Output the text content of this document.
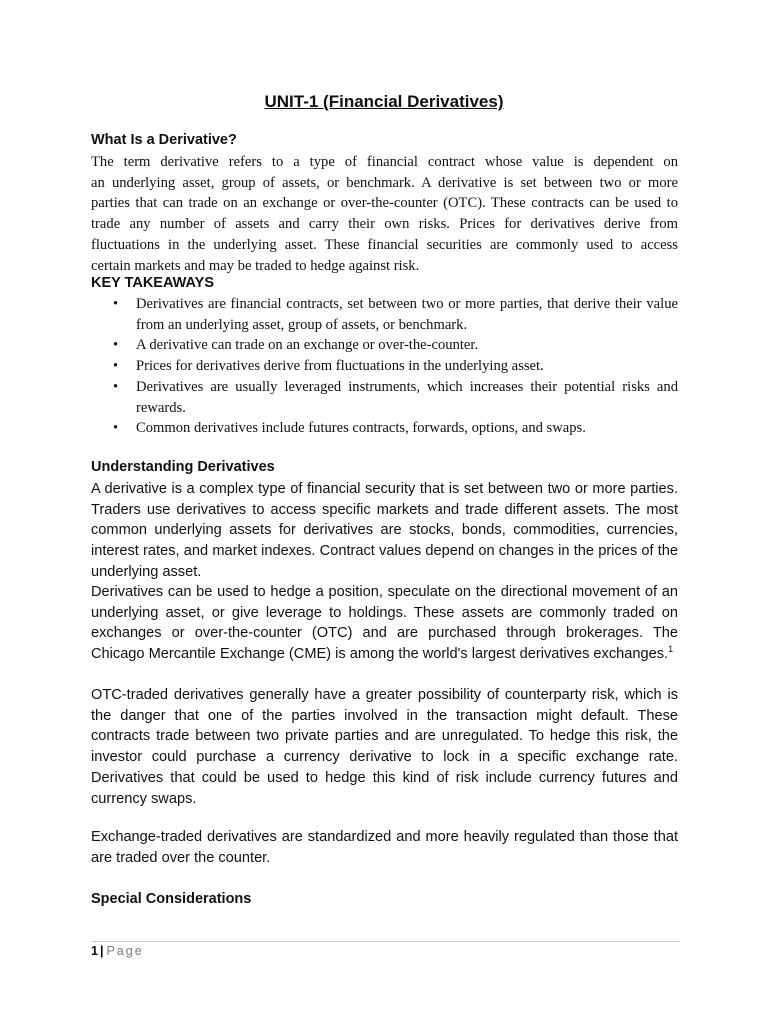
UNIT-1 (Financial Derivatives)
What Is a Derivative?
The term derivative refers to a type of financial contract whose value is dependent on
an underlying asset, group of assets, or benchmark. A derivative is set between two or more
parties that can trade on an exchange or over-the-counter (OTC). These contracts can be used to
trade any number of assets and carry their own risks. Prices for derivatives derive from
fluctuations in the underlying asset. These financial securities are commonly used to access
certain markets and may be traded to hedge against risk.
KEY TAKEAWAYS
• Derivatives are financial contracts, set between two or more parties, that derive their value from an underlying asset, group of assets, or benchmark.
• A derivative can trade on an exchange or over-the-counter.
• Prices for derivatives derive from fluctuations in the underlying asset.
• Derivatives are usually leveraged instruments, which increases their potential risks and rewards.
• Common derivatives include futures contracts, forwards, options, and swaps.
Understanding Derivatives

A derivative is a complex type of financial security that is set between two or more parties. Traders use derivatives to access specific markets and trade different assets. The most common underlying assets for derivatives are stocks, bonds, commodities, currencies, interest rates, and market indexes. Contract values depend on changes in the prices of the underlying asset.

Derivatives can be used to hedge a position, speculate on the directional movement of an underlying asset, or give leverage to holdings. These assets are commonly traded on exchanges or over-the-counter (OTC) and are purchased through brokerages. The Chicago Mercantile Exchange (CME) is among the world's largest derivatives exchanges.$^1$

OTC-traded derivatives generally have a greater possibility of counterparty risk, which is the danger that one of the parties involved in the transaction might default. These contracts trade between two private parties and are unregulated. To hedge this risk, the investor could purchase a currency derivative to lock in a specific exchange rate. Derivatives that could be used to hedge this kind of risk include currency futures and currency swaps.

Exchange-traded derivatives are standardized and more heavily regulated than those that are traded over the counter.

Special Considerations
1 | Page
